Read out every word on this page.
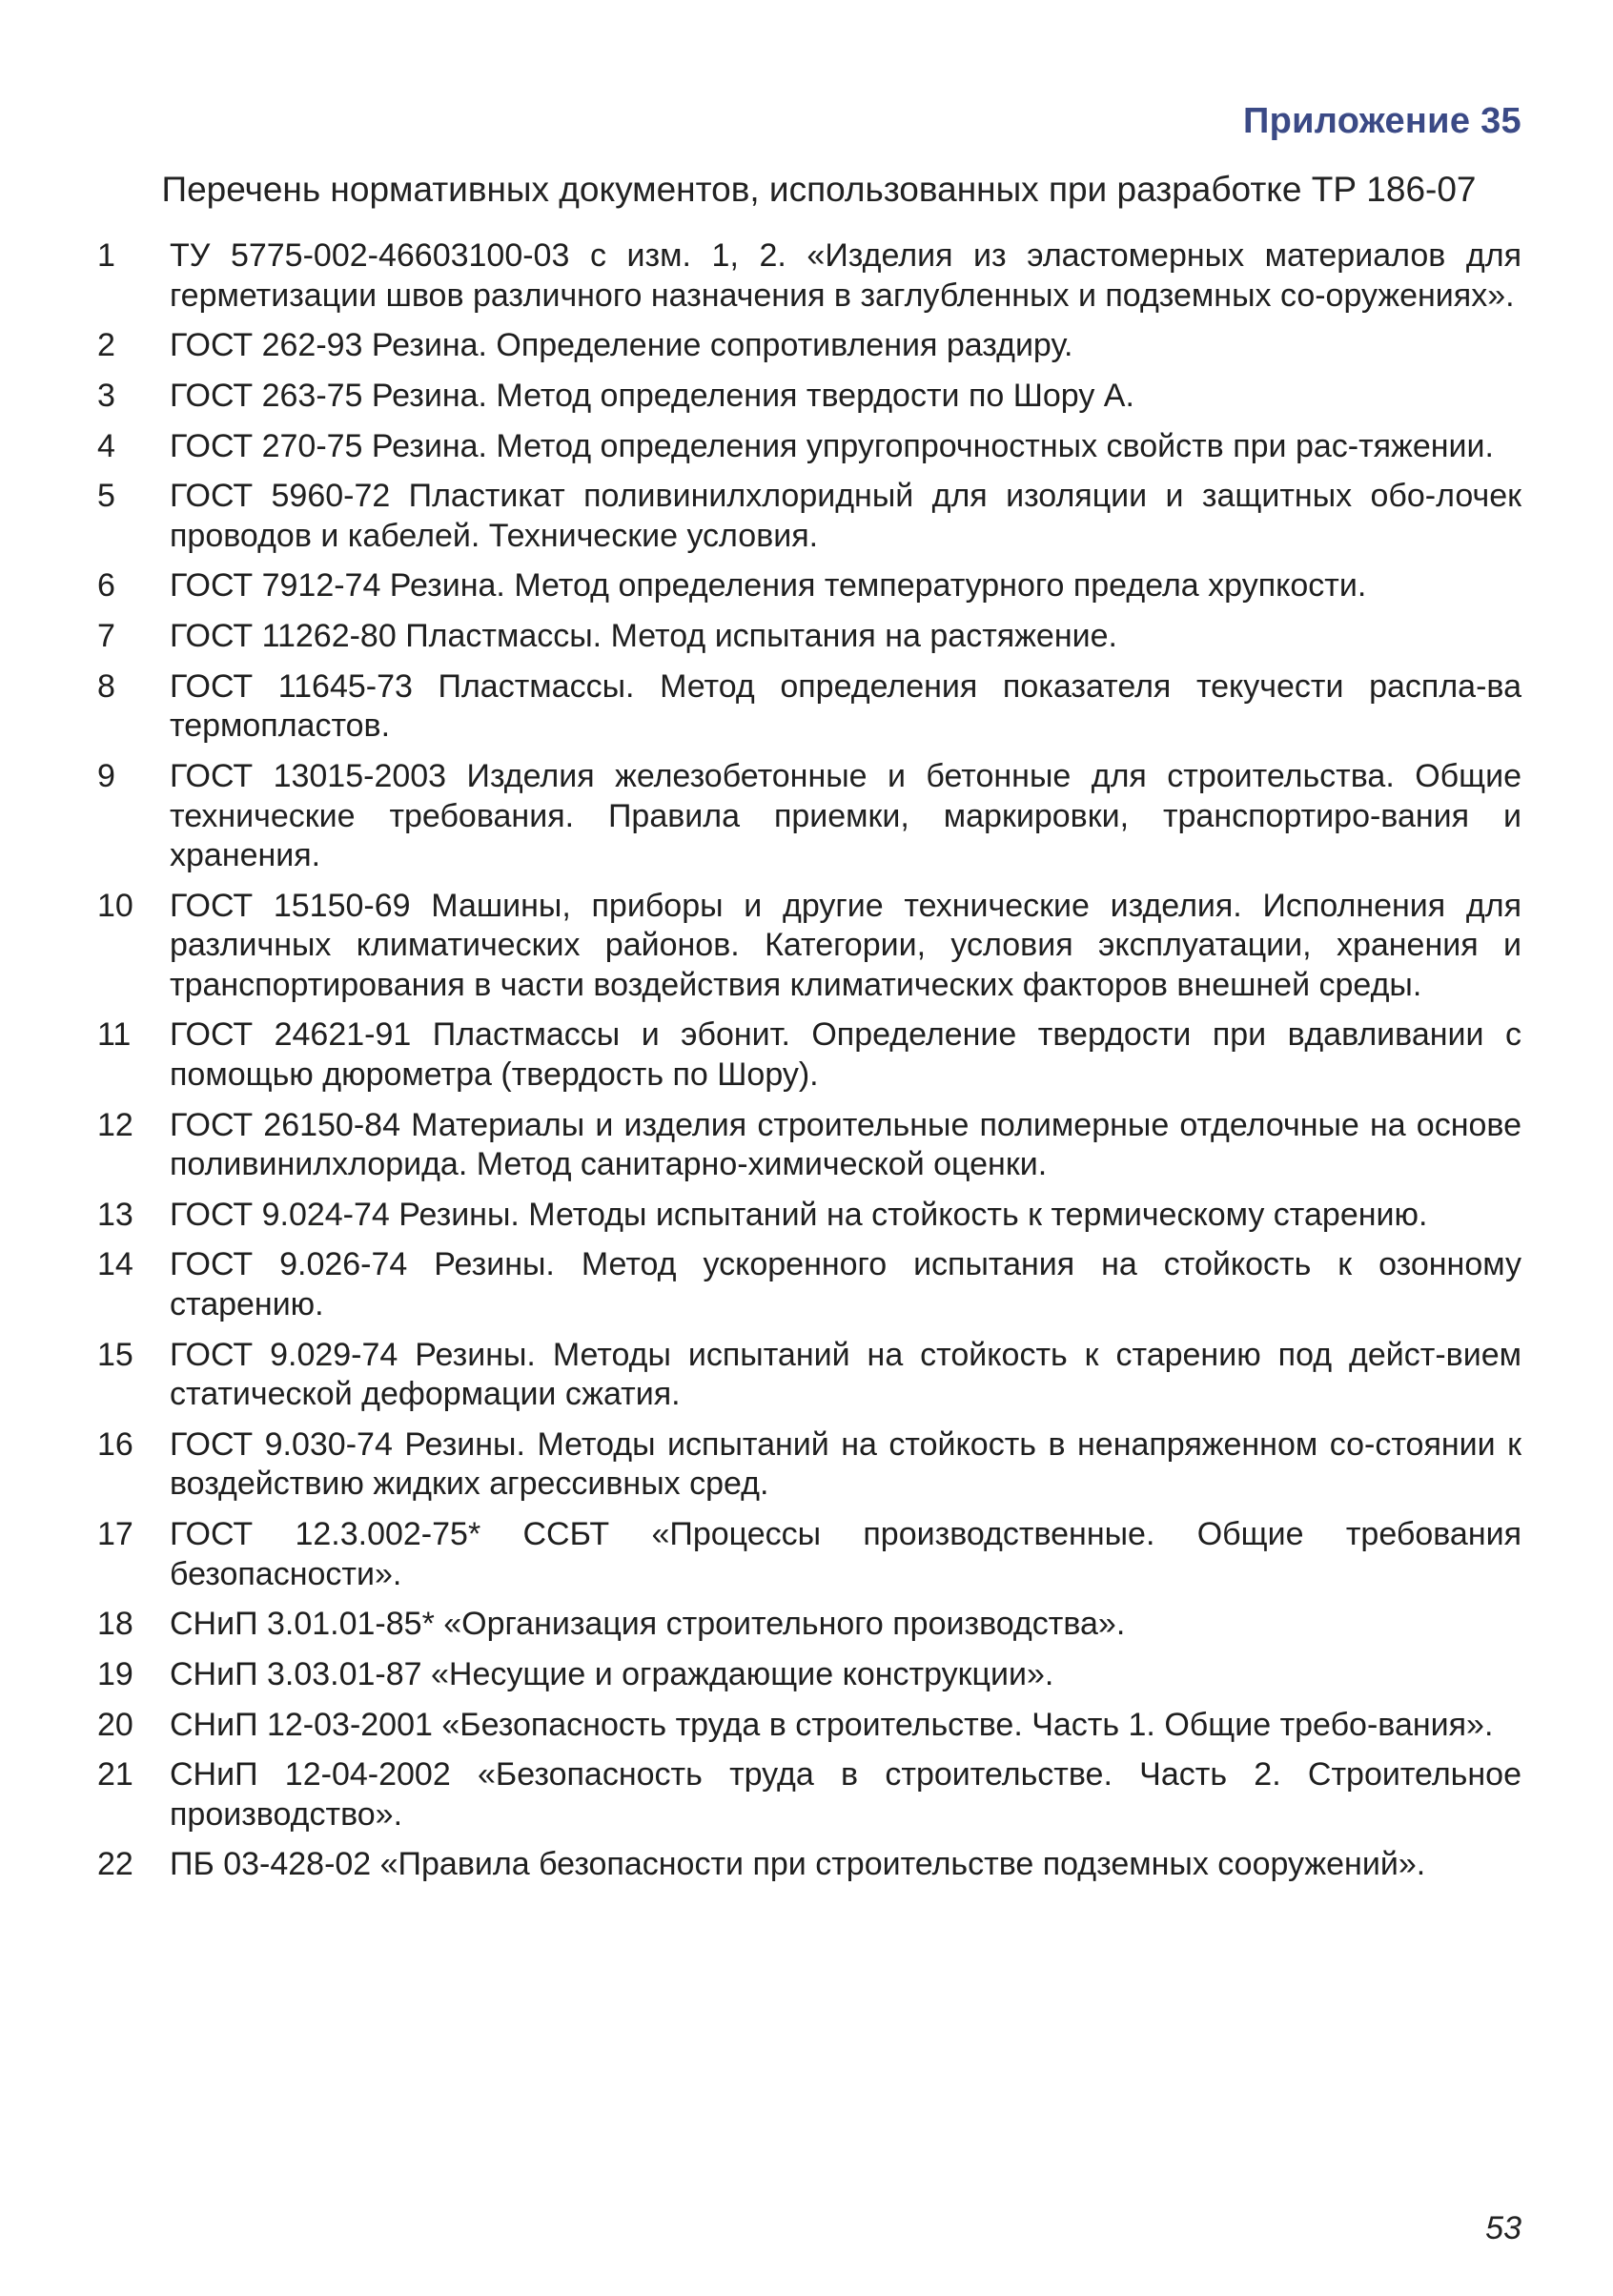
Приложение 35
Перечень нормативных документов, использованных при разработке ТР 186-07
1	ТУ 5775-002-46603100-03 с изм. 1, 2. «Изделия из эластомерных материалов для герметизации швов различного назначения в заглубленных и подземных со-оружениях».
2	ГОСТ 262-93 Резина. Определение сопротивления раздиру.
3	ГОСТ 263-75 Резина. Метод определения твердости по Шору А.
4	ГОСТ 270-75 Резина. Метод определения упругопрочностных свойств при рас-тяжении.
5	ГОСТ 5960-72 Пластикат поливинилхлоридный для изоляции и защитных обо-лочек проводов и кабелей. Технические условия.
6	ГОСТ 7912-74 Резина. Метод определения температурного предела хрупкости.
7	ГОСТ 11262-80 Пластмассы. Метод испытания на растяжение.
8	ГОСТ 11645-73 Пластмассы. Метод определения показателя текучести распла-ва термопластов.
9	ГОСТ 13015-2003 Изделия железобетонные и бетонные для строительства. Общие технические требования. Правила приемки, маркировки, транспортиро-вания и хранения.
10	ГОСТ 15150-69 Машины, приборы и другие технические изделия. Исполнения для различных климатических районов. Категории, условия эксплуатации, хранения и транспортирования в части воздействия климатических факторов внешней среды.
11	ГОСТ 24621-91 Пластмассы и эбонит. Определение твердости при вдавливании с помощью дюрометра (твердость по Шору).
12	ГОСТ 26150-84 Материалы и изделия строительные полимерные отделочные на основе поливинилхлорида. Метод санитарно-химической оценки.
13	ГОСТ 9.024-74 Резины. Методы испытаний на стойкость к термическому старению.
14	ГОСТ 9.026-74 Резины. Метод ускоренного испытания на стойкость к озонному старению.
15	ГОСТ 9.029-74 Резины. Методы испытаний на стойкость к старению под дейст-вием статической деформации сжатия.
16	ГОСТ 9.030-74 Резины. Методы испытаний на стойкость в ненапряженном со-стоянии к воздействию жидких агрессивных сред.
17	ГОСТ 12.3.002-75* ССБТ «Процессы производственные. Общие требования безопасности».
18	СНиП 3.01.01-85* «Организация строительного производства».
19	СНиП 3.03.01-87 «Несущие и ограждающие конструкции».
20	СНиП 12-03-2001 «Безопасность труда в строительстве. Часть 1. Общие требо-вания».
21	СНиП 12-04-2002 «Безопасность труда в строительстве. Часть 2. Строительное производство».
22	ПБ 03-428-02 «Правила безопасности при строительстве подземных сооружений».
53
